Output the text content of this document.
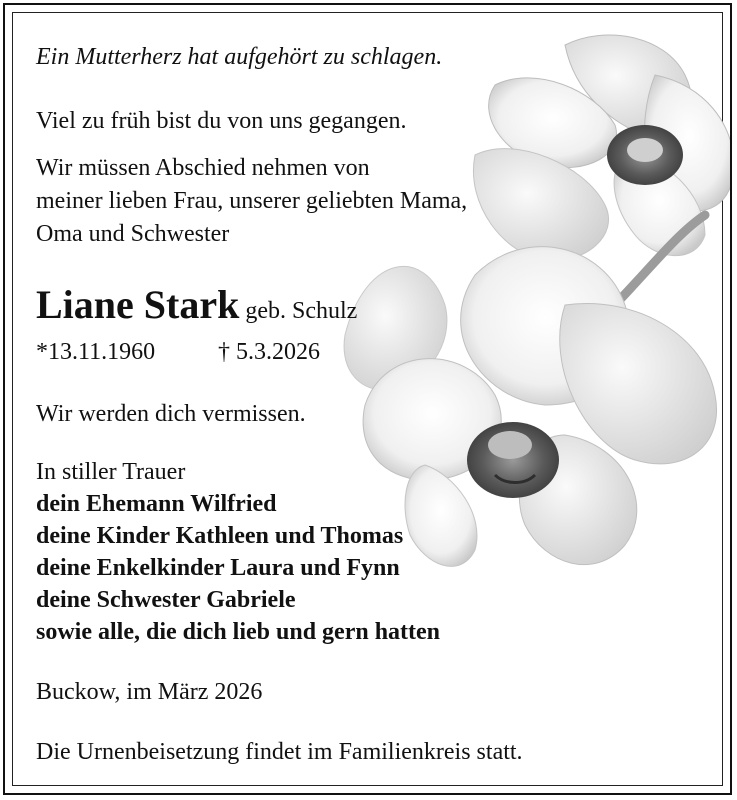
Ein Mutterherz hat aufgehört zu schlagen.
Viel zu früh bist du von uns gegangen.
Wir müssen Abschied nehmen von
meiner lieben Frau, unserer geliebten Mama,
Oma und Schwester
Liane Stark geb. Schulz
*13.11.1960	† 5.3.2026
Wir werden dich vermissen.
In stiller Trauer
dein Ehemann Wilfried
deine Kinder Kathleen und Thomas
deine Enkelkinder Laura und Fynn
deine Schwester Gabriele
sowie alle, die dich lieb und gern hatten
Buckow, im März 2026
Die Urnenbeisetzung findet im Familienkreis statt.
